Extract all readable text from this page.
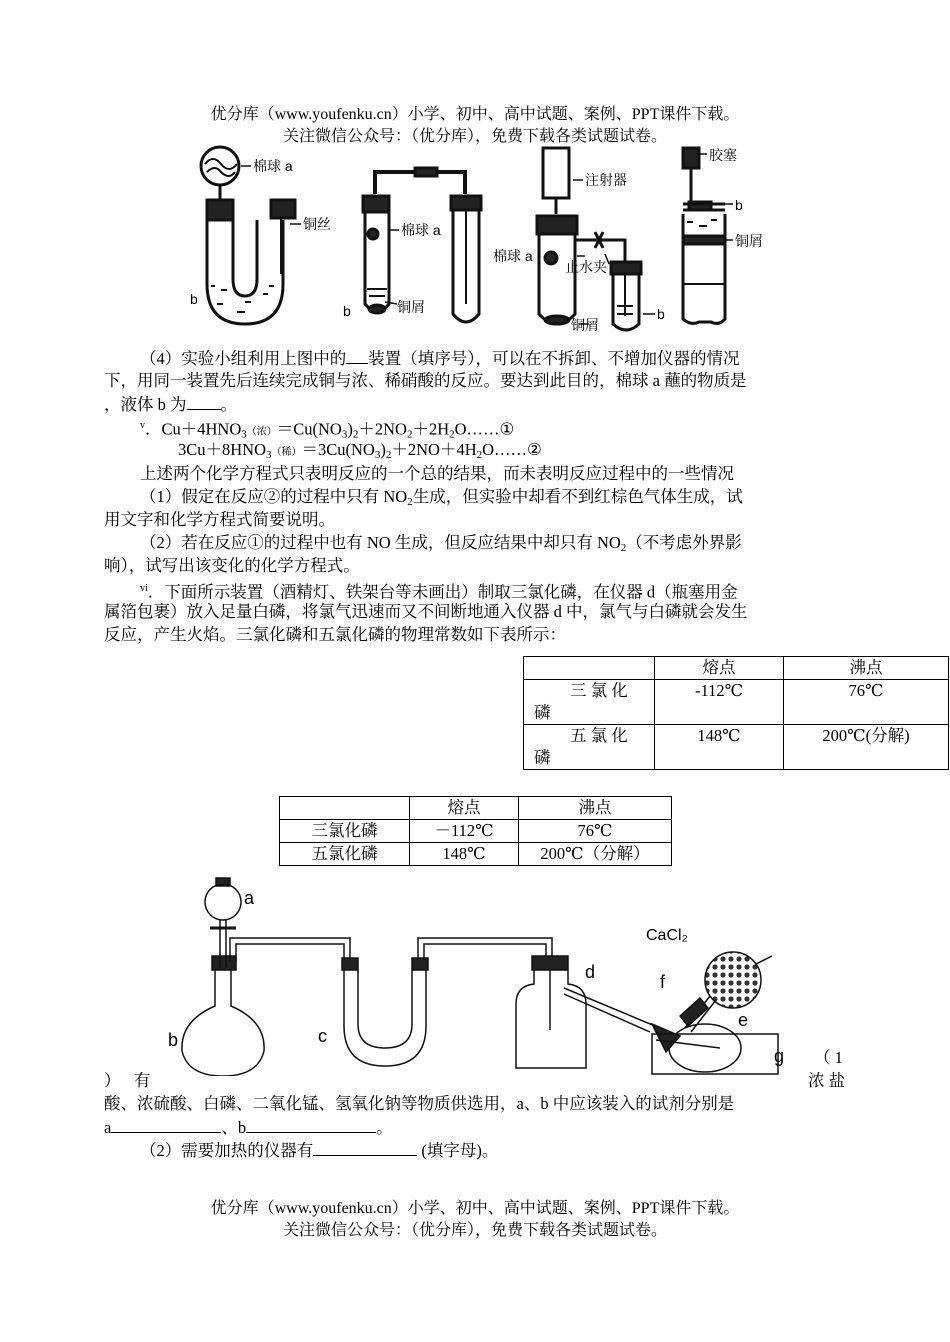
优分库（www.youfenku.cn）小学、初中、高中试题、案例、PPT课件下载。
关注微信公众号：（优分库），免费下载各类试题试卷。
棉球 a
铜丝
b
棉球 a
b	铜屑
注射器
棉球 a
止水夹
铜屑
b
胶塞
b
铜屑
（4）实验小组利用上图中的 装置（填序号），可以在不拆卸、不增加仪器的情况
下，用同一装置先后连续完成铜与浓、稀硝酸的反应。要达到此目的，棉球 a 蘸的物质是
，液体 b 为 。
$^v$．$Cu+4HNO_3$（浓）$=Cu(NO_3)_2+2NO_2+2H_2O\dots\dots ①$
$3Cu+8HNO_3$（稀）$=3Cu(NO_3)_2+2NO+4H_2O\dots\dots ②$
上述两个化学方程式只表明反应的一个总的结果，而未表明反应过程中的一些情况
（1）假定在反应②的过程中只有 $NO_2$生成，但实验中却看不到红棕色气体生成，试
用文字和化学方程式简要说明。
（2）若在反应①的过程中也有 NO 生成，但反应结果中却只有 $NO_2$（不考虑外界影
响），试写出该变化的化学方程式。
$^{vi}$．下面所示装置（酒精灯、铁架台等未画出）制取三氯化磷，在仪器 d（瓶塞用金
属箔包裹）放入足量白磷，将氯气迅速而又不间断地通入仪器 d 中，氯气与白磷就会发生
反应，产生火焰。三氯化磷和五氯化磷的物理常数如下表所示：
	熔点	沸点

三 氯 化磷	-112℃	76℃

五 氯 化磷	148℃	200℃(分解)
	熔点	沸点
三氯化磷	－112℃	76℃
五氯化磷	148℃	200℃（分解）
a
b	c
d
e
f
g
CaCl₂
（ 1
） 有	浓 盐
酸、浓硫酸、白磷、二氧化锰、氢氧化钠等物质供选用，a、b 中应该装入的试剂分别是
a	、b	。
（2）需要加热的仪器有	(填字母)。
优分库（www.youfenku.cn）小学、初中、高中试题、案例、PPT课件下载。
关注微信公众号：（优分库），免费下载各类试题试卷。
